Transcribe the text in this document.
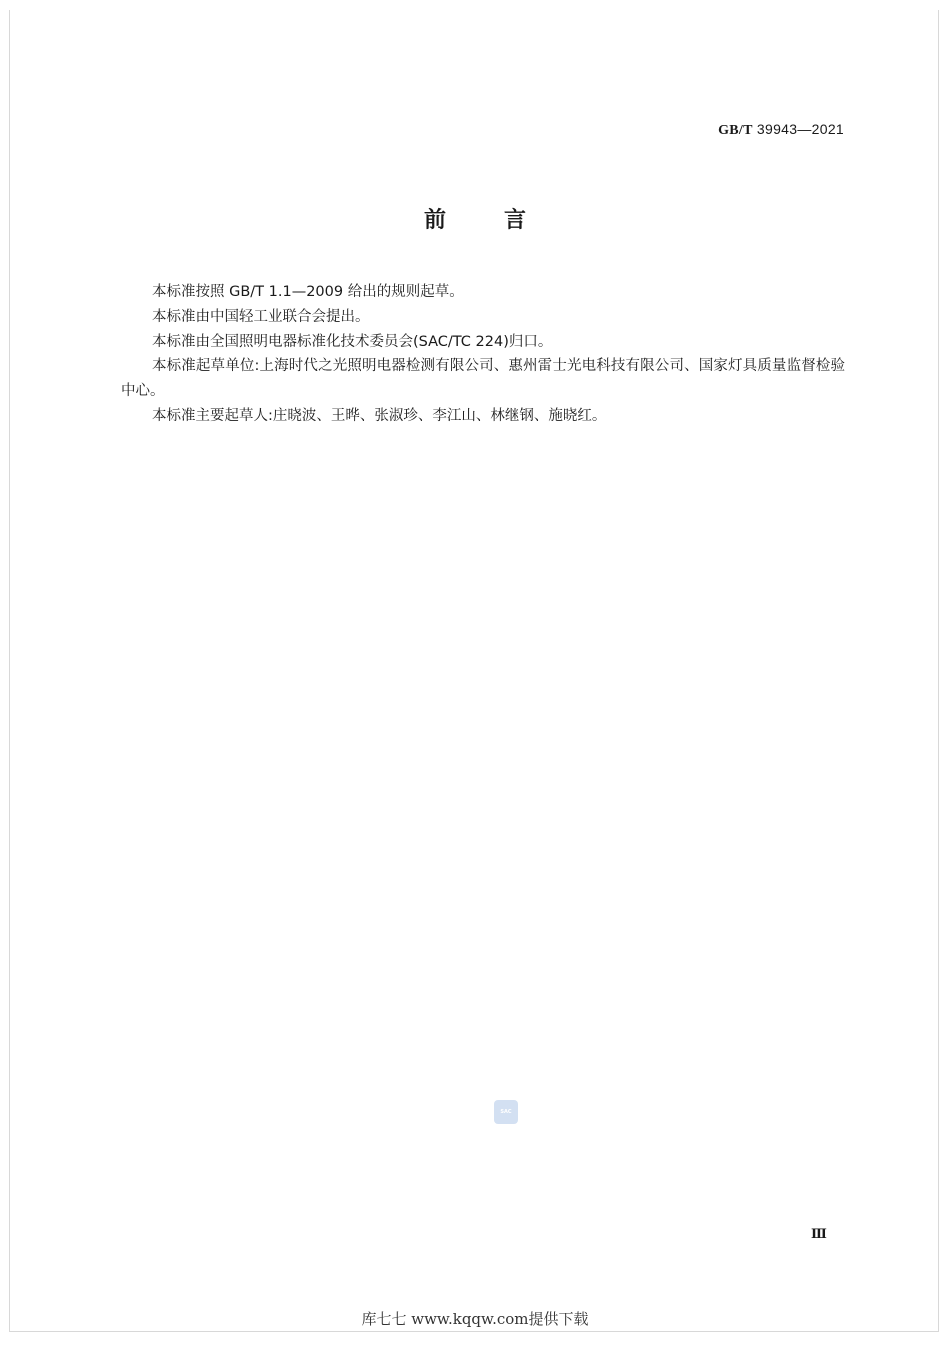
GB/T 39943—2021
前言

本标准按照 GB/T 1.1—2009 给出的规则起草。

本标准由中国轻工业联合会提出。

本标准由全国照明电器标准化技术委员会(SAC/TC 224)归口。

本标准起草单位:上海时代之光照明电器检测有限公司、惠州雷士光电科技有限公司、国家灯具质量监督检验中心。

本标准主要起草人:庄晓波、王晔、张淑珍、李江山、林继钢、施晓红。

SAC
Ⅲ
库七七 www.kqqw.com提供下载
